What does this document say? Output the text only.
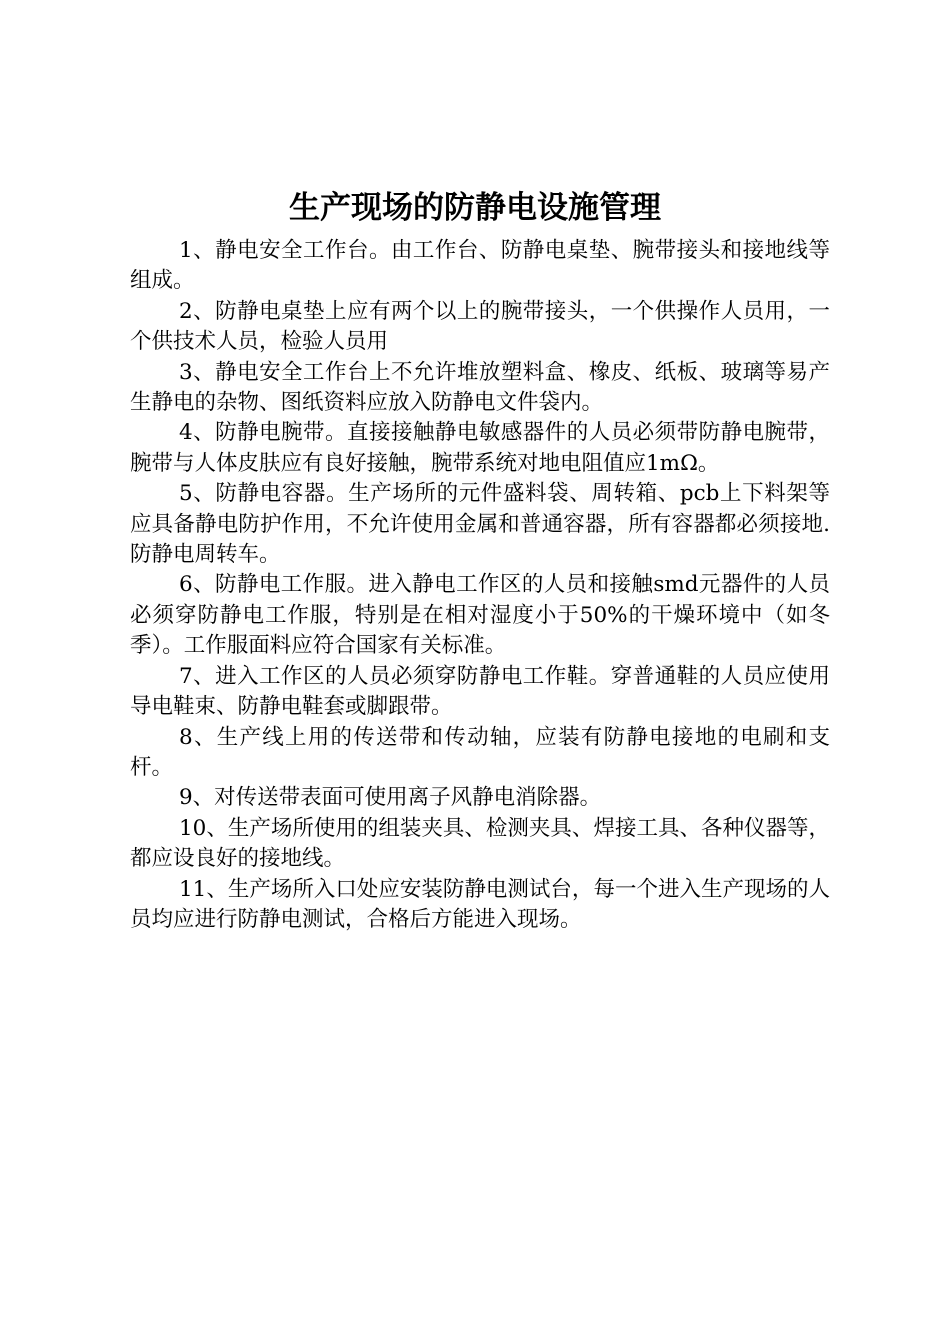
生产现场的防静电设施管理

1、静电安全工作台。由工作台、防静电桌垫、腕带接头和接地线等组成。

2、防静电桌垫上应有两个以上的腕带接头，一个供操作人员用，一个供技术人员，检验人员用

3、静电安全工作台上不允许堆放塑料盒、橡皮、纸板、玻璃等易产生静电的杂物、图纸资料应放入防静电文件袋内。

4、防静电腕带。直接接触静电敏感器件的人员必须带防静电腕带，腕带与人体皮肤应有良好接触，腕带系统对地电阻值应1mΩ。

5、防静电容器。生产场所的元件盛料袋、周转箱、pcb上下料架等应具备静电防护作用，不允许使用金属和普通容器，所有容器都必须接地.防静电周转车。

6、防静电工作服。进入静电工作区的人员和接触smd元器件的人员必须穿防静电工作服，特别是在相对湿度小于50%的干燥环境中（如冬季）。工作服面料应符合国家有关标准。

7、进入工作区的人员必须穿防静电工作鞋。穿普通鞋的人员应使用导电鞋束、防静电鞋套或脚跟带。

8、生产线上用的传送带和传动轴，应装有防静电接地的电刷和支杆。

9、对传送带表面可使用离子风静电消除器。

10、生产场所使用的组装夹具、检测夹具、焊接工具、各种仪器等，都应设良好的接地线。

11、生产场所入口处应安装防静电测试台，每一个进入生产现场的人员均应进行防静电测试，合格后方能进入现场。
